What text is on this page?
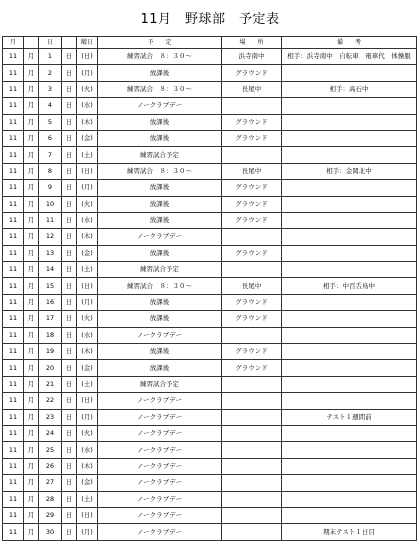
11月　野球部　予定表
月		日		曜日	予　　定	場　　所	備　　考
11	月	1	日	(日)	練習試合　８：３０～	浜寺南中	相手：浜寺南中　自転車　電車代　体操服
11	月	2	日	(月)	放課後	グラウンド	
11	月	3	日	(火)	練習試合　８：３０～	長尾中	相手：高石中
11	月	4	日	(水)	ノークラブデー		
11	月	5	日	(木)	放課後	グラウンド	
11	月	6	日	(金)	放課後	グラウンド	
11	月	7	日	(土)	練習試合予定		
11	月	8	日	(日)	練習試合　８：３０～	長尾中	相手：金岡北中
11	月	9	日	(月)	放課後	グラウンド	
11	月	10	日	(火)	放課後	グラウンド	
11	月	11	日	(水)	放課後	グラウンド	
11	月	12	日	(木)	ノークラブデー		
11	月	13	日	(金)	放課後	グラウンド	
11	月	14	日	(土)	練習試合予定		
11	月	15	日	(日)	練習試合　８：３０～	長尾中	相手：中百舌鳥中
11	月	16	日	(月)	放課後	グラウンド	
11	月	17	日	(火)	放課後	グラウンド	
11	月	18	日	(水)	ノークラブデー		
11	月	19	日	(木)	放課後	グラウンド	
11	月	20	日	(金)	放課後	グラウンド	
11	月	21	日	(土)	練習試合予定		
11	月	22	日	(日)	ノークラブデー		
11	月	23	日	(月)	ノークラブデー		テスト１週間前
11	月	24	日	(火)	ノークラブデー		
11	月	25	日	(水)	ノークラブデー		
11	月	26	日	(木)	ノークラブデー		
11	月	27	日	(金)	ノークラブデー		
11	月	28	日	(土)	ノークラブデー		
11	月	29	日	(日)	ノークラブデー		
11	月	30	日	(月)	ノークラブデー		期末テスト１日目
